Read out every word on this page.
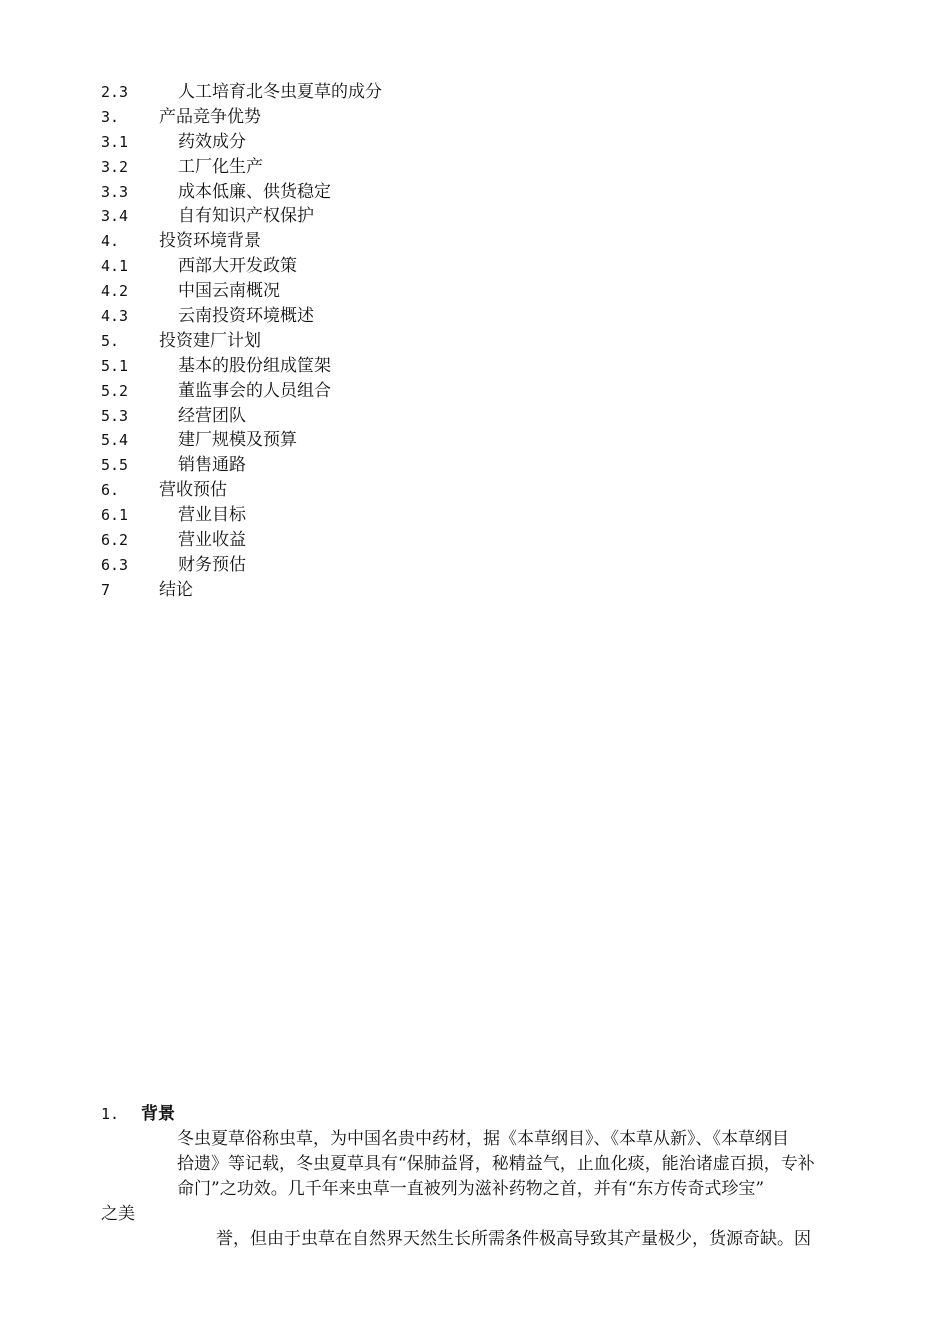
2.3	人工培育北冬虫夏草的成分
3. 产品竞争优势
3.1	药效成分
3.2	工厂化生产
3.3	成本低廉、供货稳定
3.4	自有知识产权保护
4. 投资环境背景
4.1	西部大开发政策
4.2	中国云南概况
4.3	云南投资环境概述
5. 投资建厂计划
5.1	基本的股份组成筐架
5.2	董监事会的人员组合
5.3	经营团队
5.4	建厂规模及预算
5.5	销售通路
6. 营收预估
6.1	营业目标
6.2	营业收益
6.3	财务预估
7	结论
1. 背景
冬虫夏草俗称虫草，为中国名贵中药材，据《本草纲目》、《本草从新》、《本草纲目
拾遗》等记载，冬虫夏草具有“保肺益肾，秘精益气，止血化痰，能治诸虚百损，专补
命门”之功效。几千年来虫草一直被列为滋补药物之首，并有“东方传奇式珍宝”
之美
誉，但由于虫草在自然界天然生长所需条件极高导致其产量极少，货源奇缺。因
